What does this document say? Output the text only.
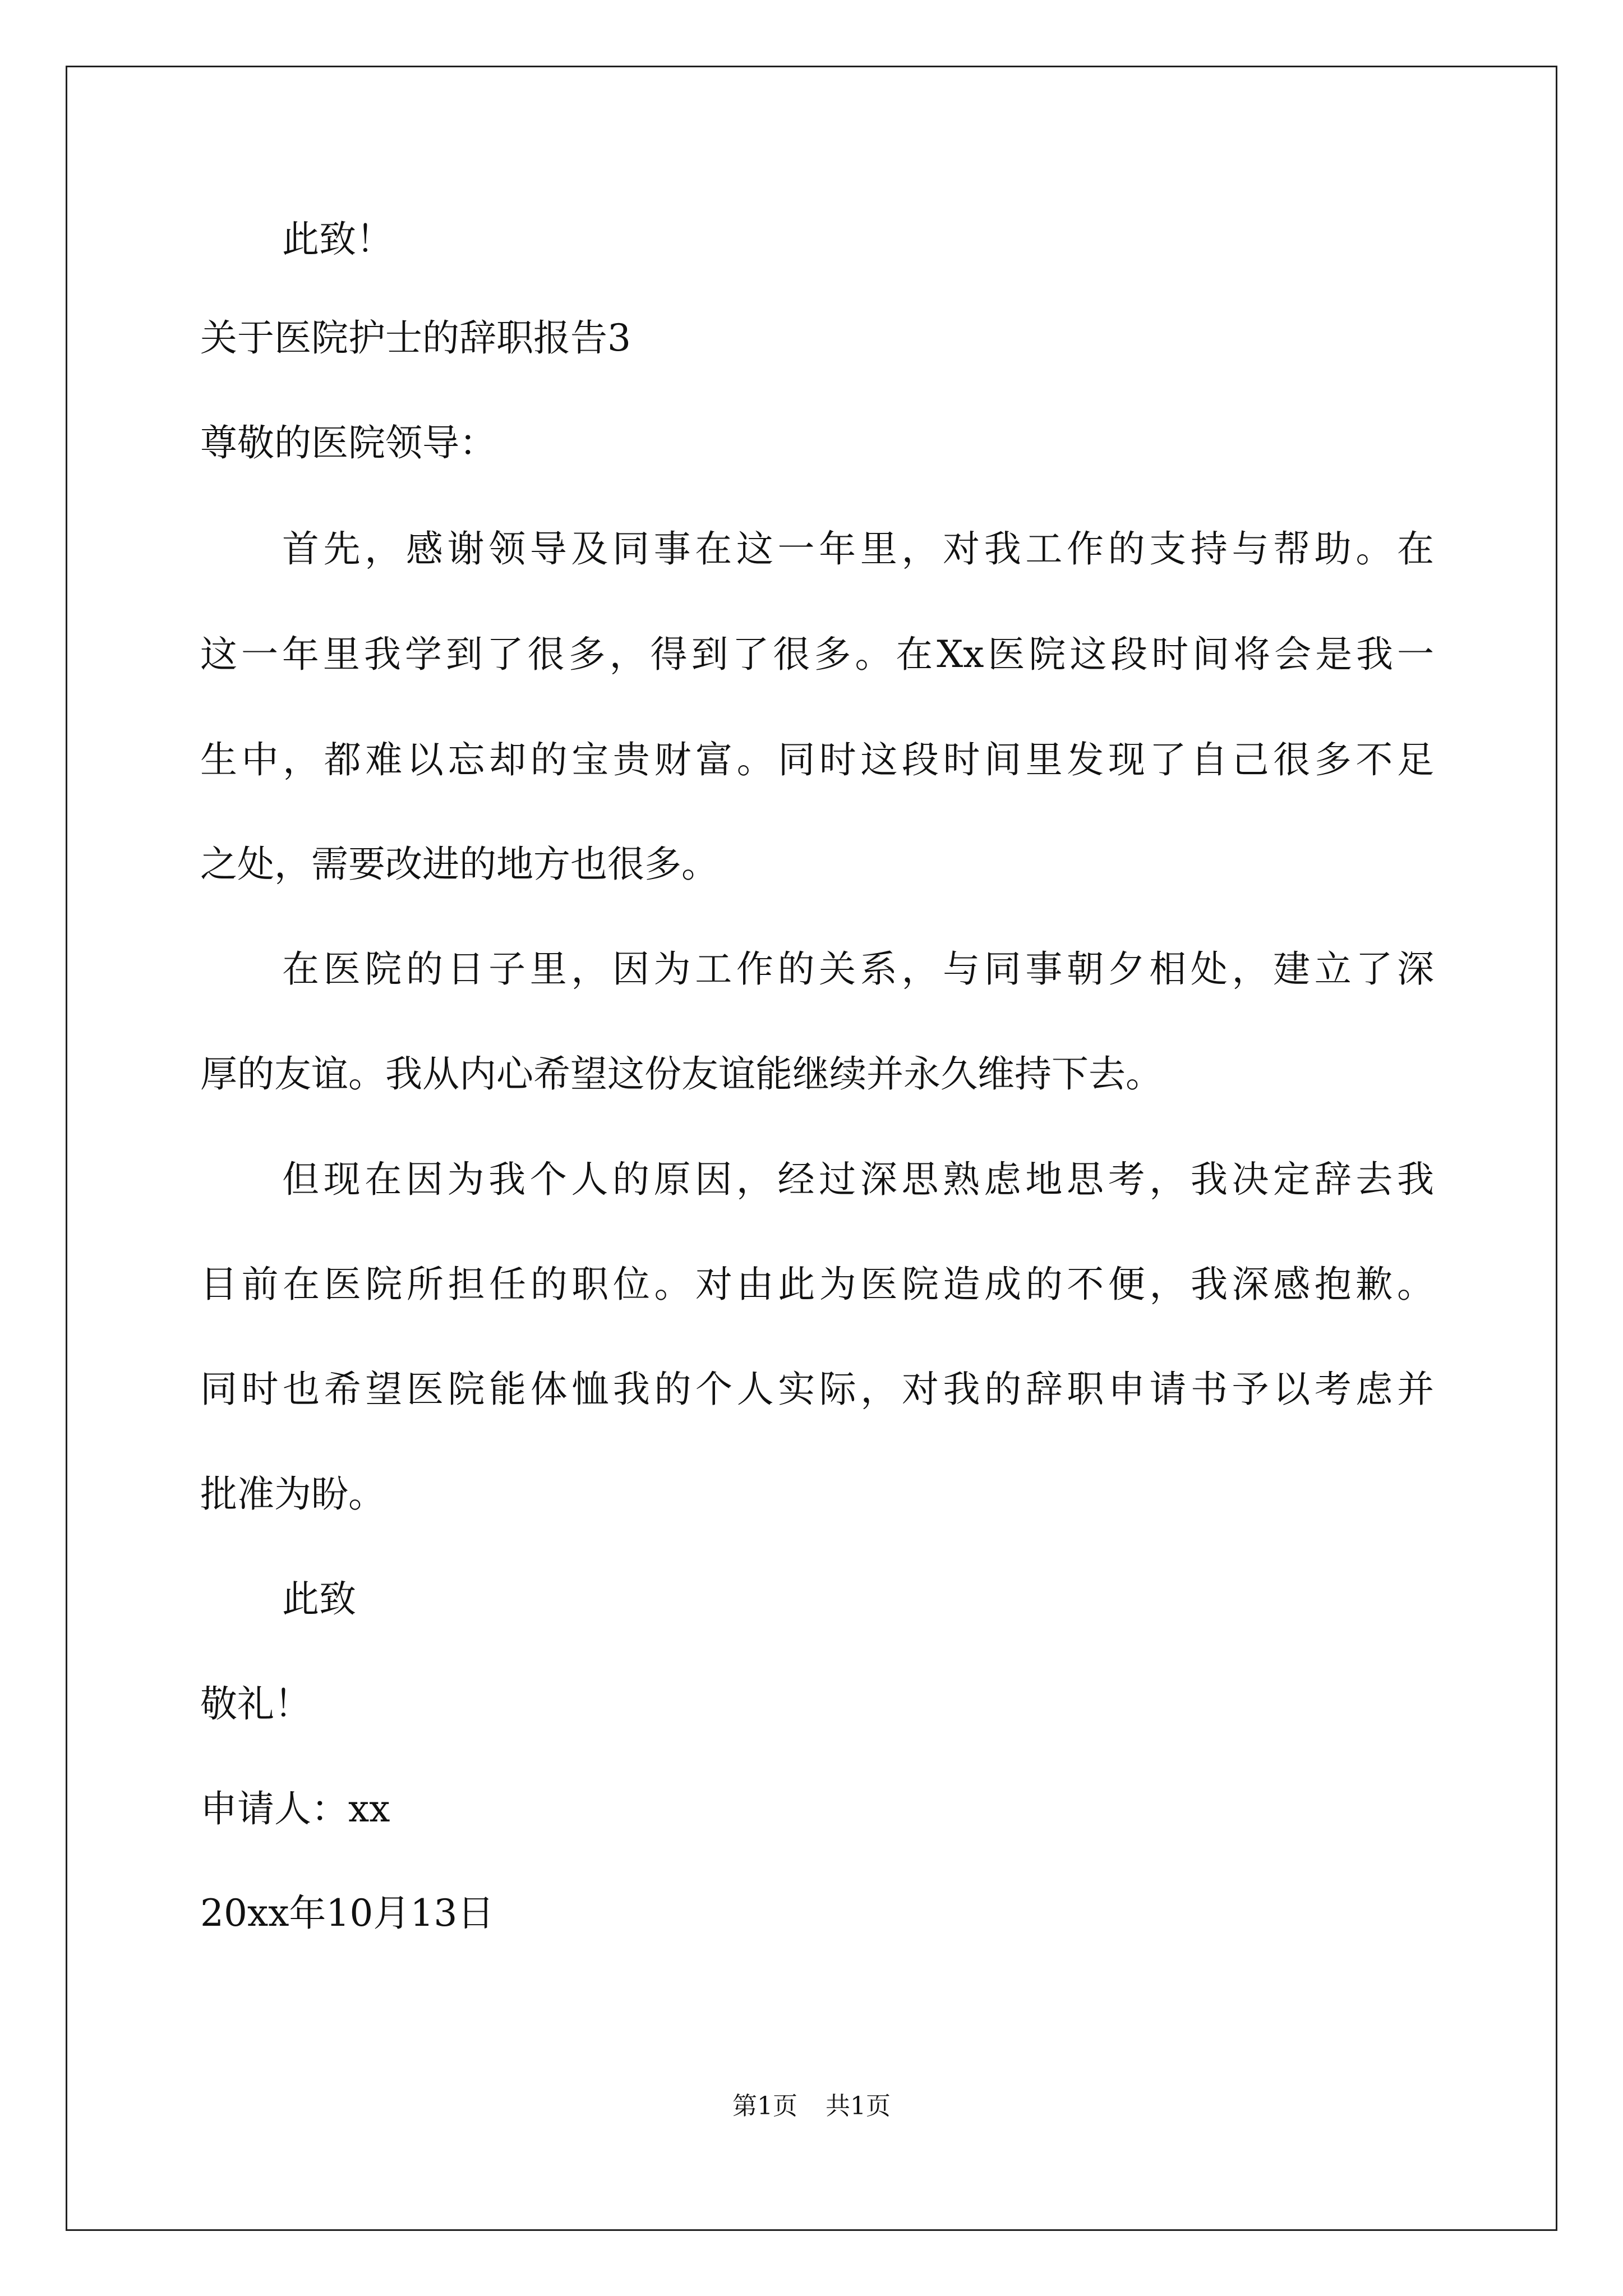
此致！
关于医院护士的辞职报告3
尊敬的医院领导：
首先，感谢领导及同事在这一年里，对我工作的支持与帮助。在
这一年里我学到了很多，得到了很多。在Xx医院这段时间将会是我一
生中，都难以忘却的宝贵财富。同时这段时间里发现了自己很多不足
之处，需要改进的地方也很多。
在医院的日子里，因为工作的关系，与同事朝夕相处，建立了深
厚的友谊。我从内心希望这份友谊能继续并永久维持下去。
但现在因为我个人的原因，经过深思熟虑地思考，我决定辞去我
目前在医院所担任的职位。对由此为医院造成的不便，我深感抱歉。
同时也希望医院能体恤我的个人实际，对我的辞职申请书予以考虑并
批准为盼。
此致
敬礼！
申请人：xx
20xx年10月13日
第1页 共1页
